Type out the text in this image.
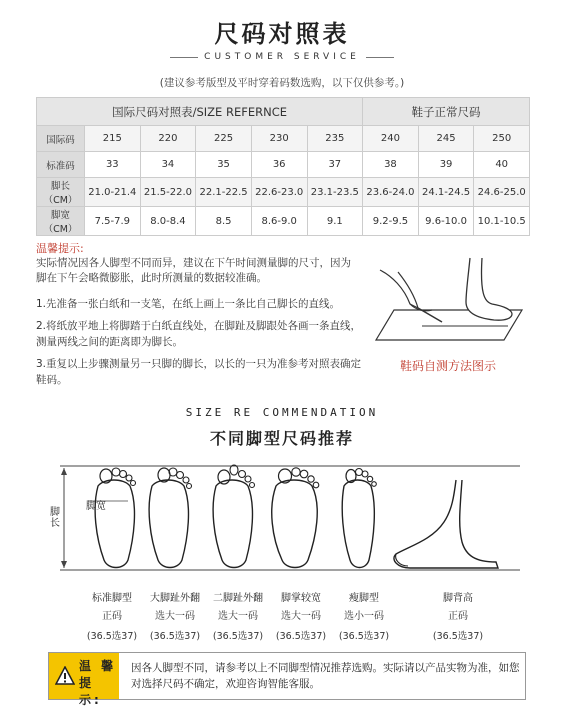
尺码对照表
CUSTOMER SERVICE
(建议参考版型及平时穿着码数选购，以下仅供参考。)
国际尺码对照表/SIZE REFERNCE						鞋子正常尺码		
国际码	215	220	225	230	235	240	245	250
标准码	33	34	35	36	37	38	39	40
脚长（CM）	21.0-21.4	21.5-22.0	22.1-22.5	22.6-23.0	23.1-23.5	23.6-24.0	24.1-24.5	24.6-25.0
脚宽（CM）	7.5-7.9	8.0-8.4	8.5	8.6-9.0	9.1	9.2-9.5	9.6-10.0	10.1-10.5
温馨提示:
实际情况因各人脚型不同而异，建议在下午时间测量脚的尺寸，因为脚在下午会略微膨胀，此时所测量的数据较准确。
1.先准备一张白纸和一支笔，在纸上画上一条比自己脚长的直线。
2.将纸放平地上将脚踏于白纸直线处，在脚趾及脚跟处各画一条直线，测量两线之间的距离即为脚长。
3.重复以上步骤测量另一只脚的脚长，以长的一只为准参考对照表确定鞋码。
鞋码自测方法图示
SIZE RE COMMENDATION
不同脚型尺码推荐
脚宽
脚长
标准脚型
正码
(36.5选37)
大脚趾外翻
选大一码
(36.5选37)
二脚趾外翻
选大一码
(36.5选37)
脚掌较宽
选大一码
(36.5选37)
瘦脚型
选小一码
(36.5选37)
脚背高
正码
(36.5选37)
温 馨
提 示:
因各人脚型不同，请参考以上不同脚型情况推荐选购。实际请以产品实物为准，如您对选择尺码不确定，欢迎咨询智能客服。
